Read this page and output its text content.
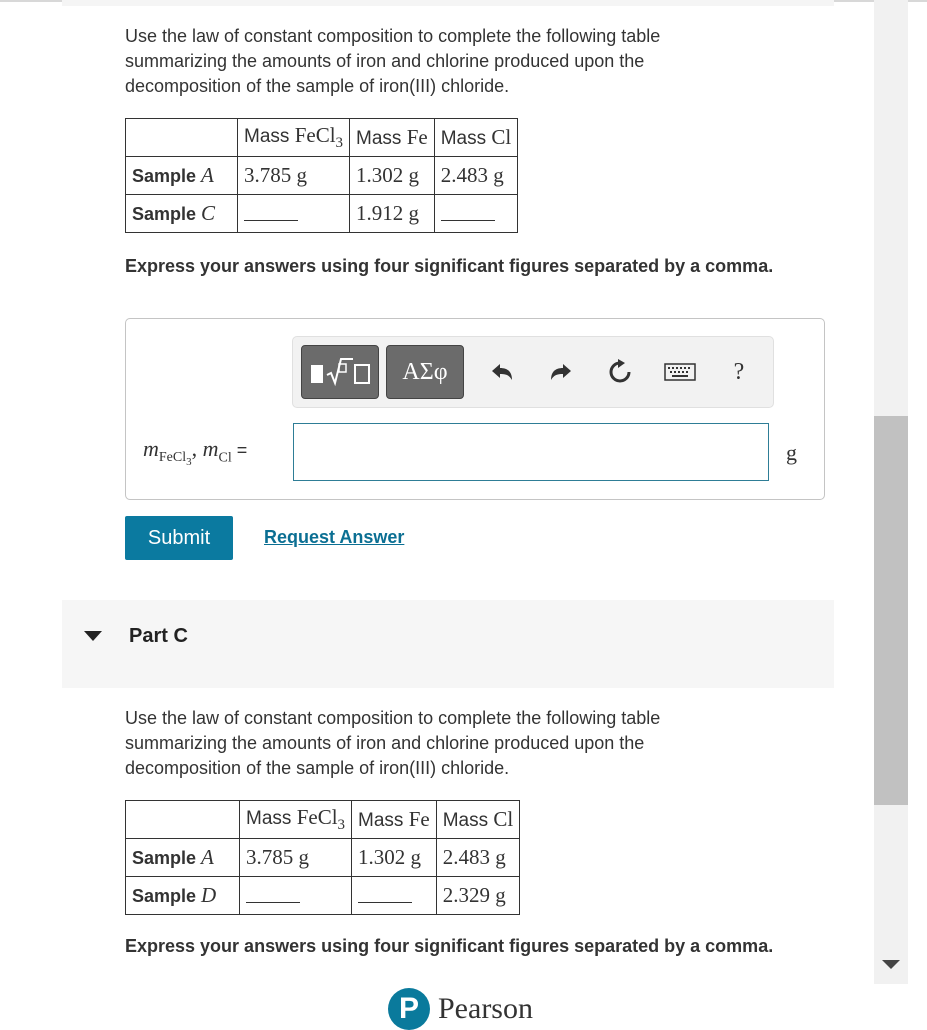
Use the law of constant composition to complete the following table summarizing the amounts of iron and chlorine produced upon the decomposition of the sample of iron(III) chloride.

	Mass FeCl$_3$	Mass Fe	Mass Cl
Sample A	3.785 g	1.302 g	2.483 g
Sample C		1.912 g	

Express your answers using four significant figures separated by a comma.

ΑΣφ	?
$m_{FeCl_3}$, $m_{Cl}$ =	g
Submit	Request Answer
Part C

Use the law of constant composition to complete the following table summarizing the amounts of iron and chlorine produced upon the decomposition of the sample of iron(III) chloride.

	Mass FeCl$_3$	Mass Fe	Mass Cl
Sample A	3.785 g	1.302 g	2.483 g
Sample D			2.329 g

Express your answers using four significant figures separated by a comma.

P Pearson
